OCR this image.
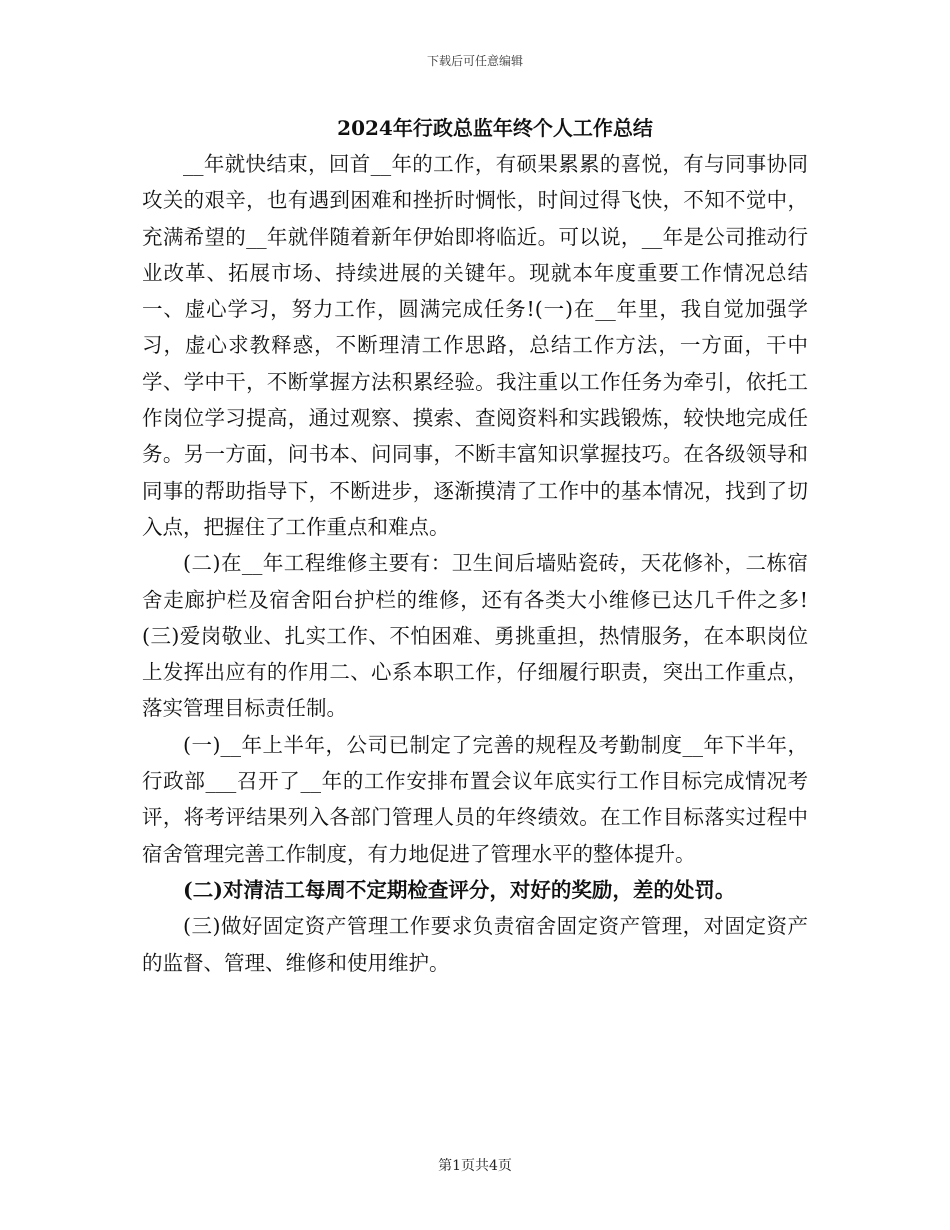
下载后可任意编辑
2024年行政总监年终个人工作总结

__年就快结束，回首__年的工作，有硕果累累的喜悦，有与同事协同攻关的艰辛，也有遇到困难和挫折时惆怅，时间过得飞快，不知不觉中，充满希望的__年就伴随着新年伊始即将临近。可以说，__年是公司推动行业改革、拓展市场、持续进展的关键年。现就本年度重要工作情况总结一、虚心学习，努力工作，圆满完成任务!(一)在__年里，我自觉加强学习，虚心求教释惑，不断理清工作思路，总结工作方法，一方面，干中学、学中干，不断掌握方法积累经验。我注重以工作任务为牵引，依托工作岗位学习提高，通过观察、摸索、查阅资料和实践锻炼，较快地完成任务。另一方面，问书本、问同事，不断丰富知识掌握技巧。在各级领导和同事的帮助指导下，不断进步，逐渐摸清了工作中的基本情况，找到了切入点，把握住了工作重点和难点。

(二)在__年工程维修主要有：卫生间后墙贴瓷砖，天花修补，二栋宿舍走廊护栏及宿舍阳台护栏的维修，还有各类大小维修已达几千件之多!(三)爱岗敬业、扎实工作、不怕困难、勇挑重担，热情服务，在本职岗位上发挥出应有的作用二、心系本职工作，仔细履行职责，突出工作重点，落实管理目标责任制。

(一)__年上半年，公司已制定了完善的规程及考勤制度__年下半年，行政部___召开了__年的工作安排布置会议年底实行工作目标完成情况考评，将考评结果列入各部门管理人员的年终绩效。在工作目标落实过程中宿舍管理完善工作制度，有力地促进了管理水平的整体提升。

(二)对清洁工每周不定期检查评分，对好的奖励，差的处罚。

(三)做好固定资产管理工作要求负责宿舍固定资产管理，对固定资产的监督、管理、维修和使用维护。

第1页共4页
